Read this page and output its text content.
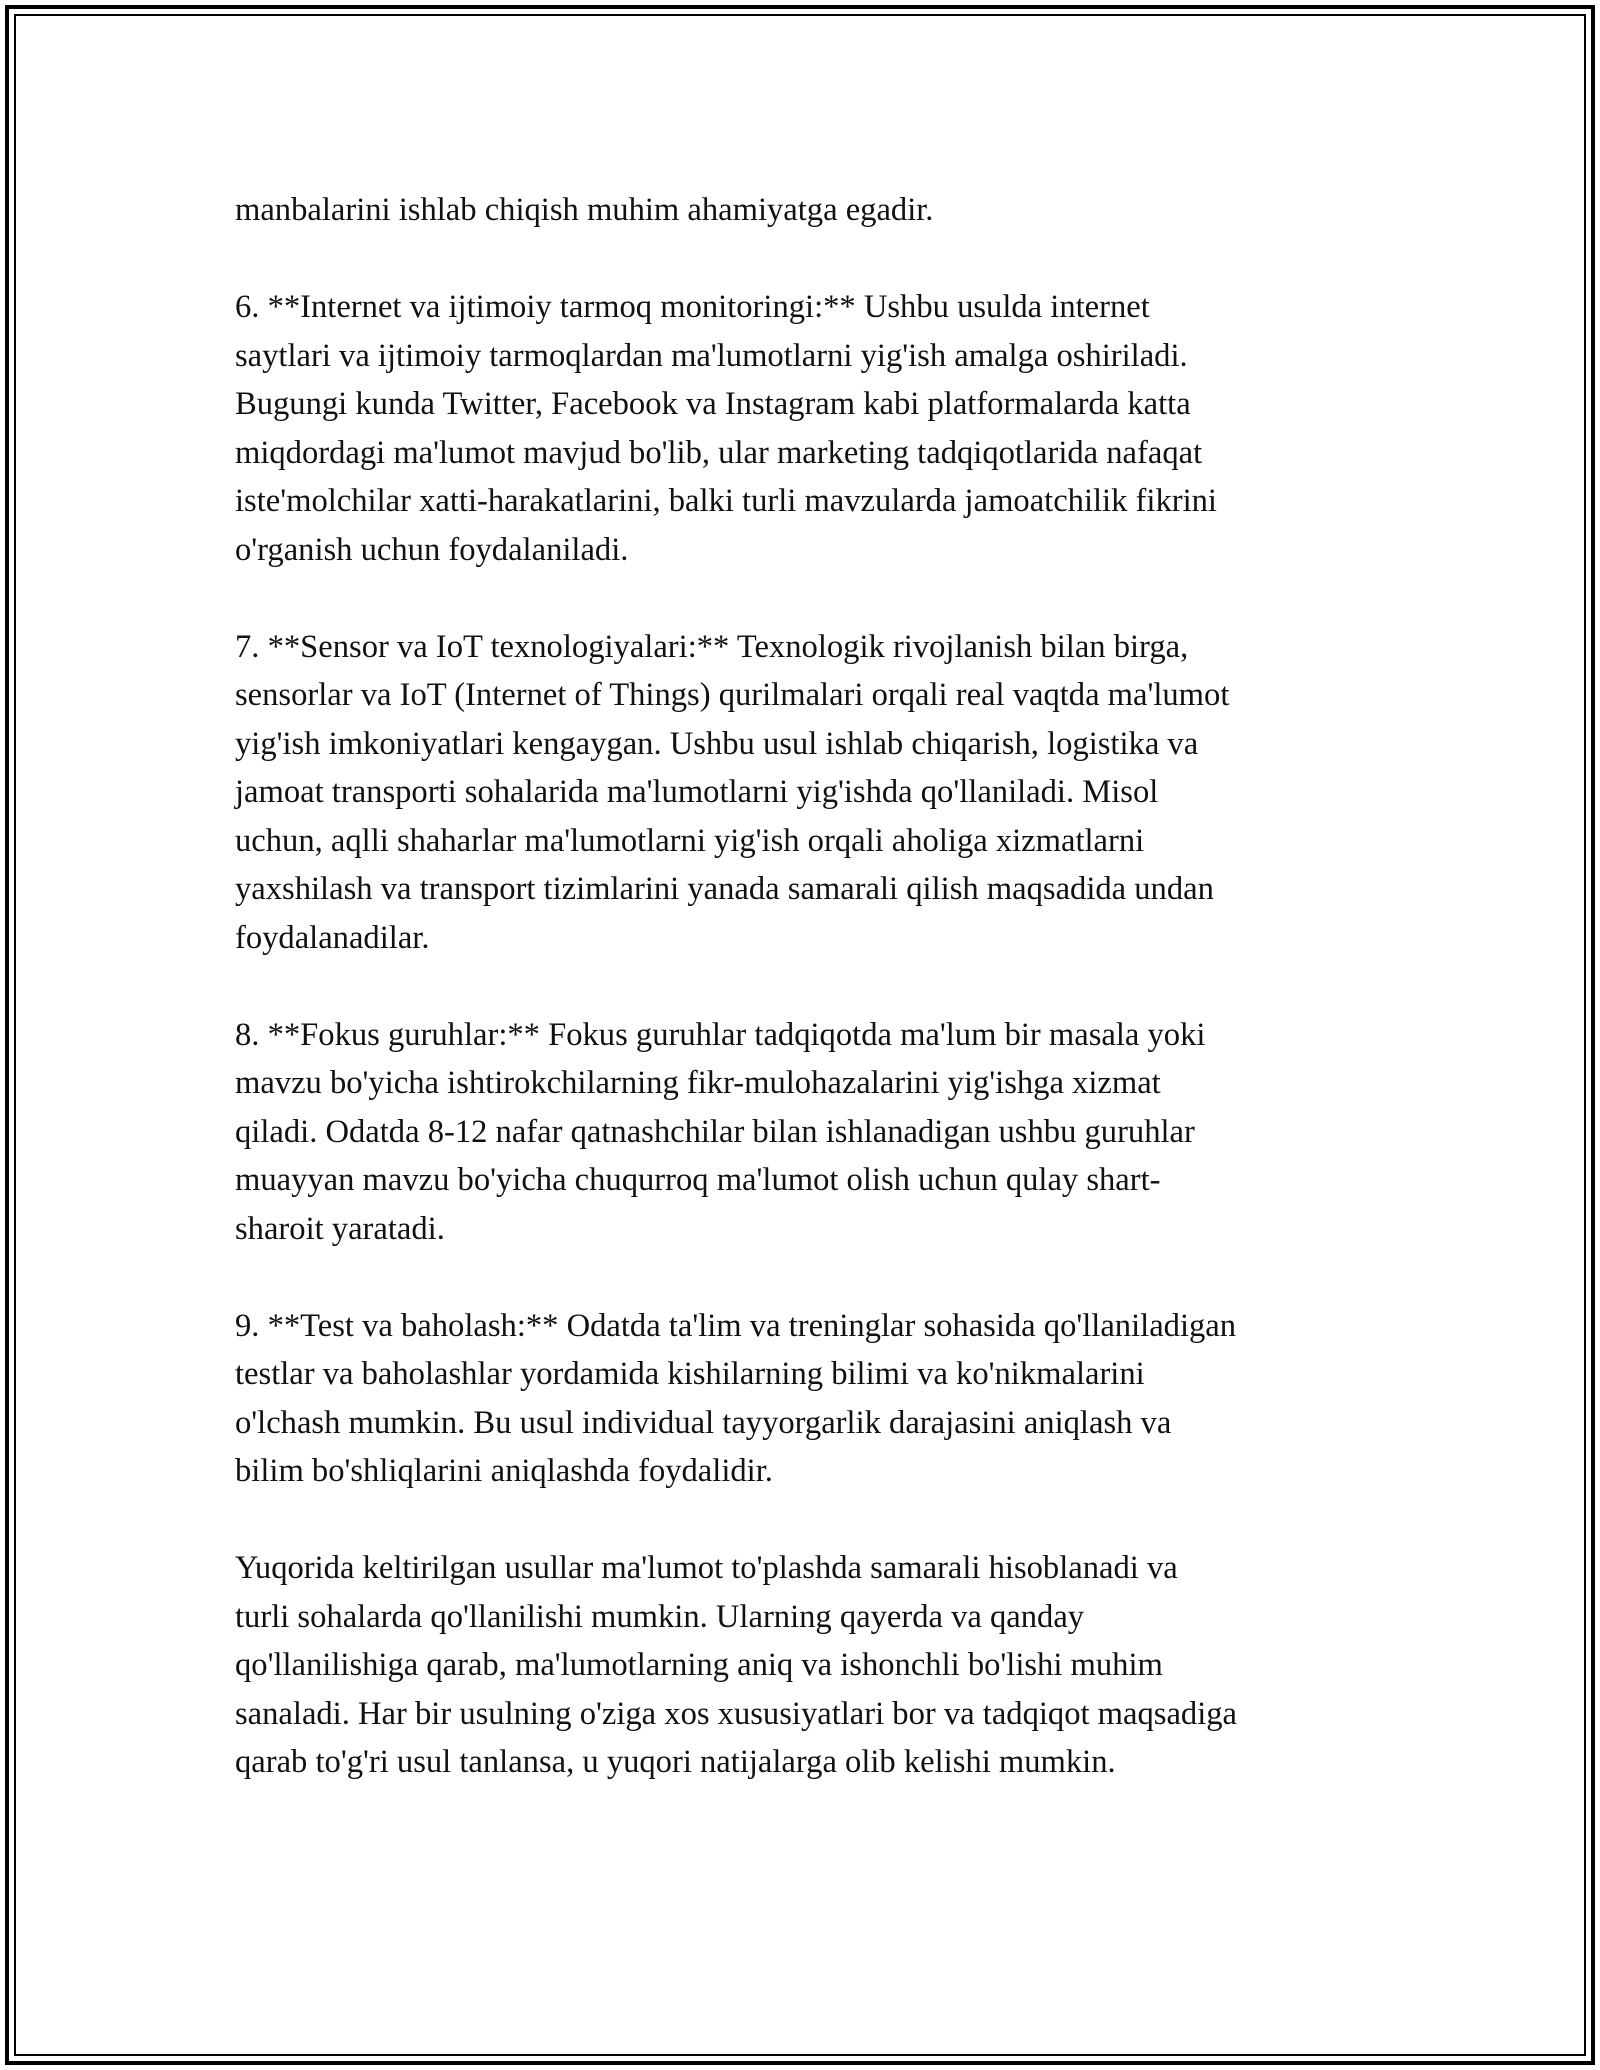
manbalarini ishlab chiqish muhim ahamiyatga egadir.

6. **Internet va ijtimoiy tarmoq monitoringi:** Ushbu usulda internet
saytlari va ijtimoiy tarmoqlardan ma'lumotlarni yig'ish amalga oshiriladi.
Bugungi kunda Twitter, Facebook va Instagram kabi platformalarda katta
miqdordagi ma'lumot mavjud bo'lib, ular marketing tadqiqotlarida nafaqat
iste'molchilar xatti-harakatlarini, balki turli mavzularda jamoatchilik fikrini
o'rganish uchun foydalaniladi.

7. **Sensor va IoT texnologiyalari:** Texnologik rivojlanish bilan birga,
sensorlar va IoT (Internet of Things) qurilmalari orqali real vaqtda ma'lumot
yig'ish imkoniyatlari kengaygan. Ushbu usul ishlab chiqarish, logistika va
jamoat transporti sohalarida ma'lumotlarni yig'ishda qo'llaniladi. Misol
uchun, aqlli shaharlar ma'lumotlarni yig'ish orqali aholiga xizmatlarni
yaxshilash va transport tizimlarini yanada samarali qilish maqsadida undan
foydalanadilar.

8. **Fokus guruhlar:** Fokus guruhlar tadqiqotda ma'lum bir masala yoki
mavzu bo'yicha ishtirokchilarning fikr-mulohazalarini yig'ishga xizmat
qiladi. Odatda 8-12 nafar qatnashchilar bilan ishlanadigan ushbu guruhlar
muayyan mavzu bo'yicha chuqurroq ma'lumot olish uchun qulay shart-
sharoit yaratadi.

9. **Test va baholash:** Odatda ta'lim va treninglar sohasida qo'llaniladigan
testlar va baholashlar yordamida kishilarning bilimi va ko'nikmalarini
o'lchash mumkin. Bu usul individual tayyorgarlik darajasini aniqlash va
bilim bo'shliqlarini aniqlashda foydalidir.

Yuqorida keltirilgan usullar ma'lumot to'plashda samarali hisoblanadi va
turli sohalarda qo'llanilishi mumkin. Ularning qayerda va qanday
qo'llanilishiga qarab, ma'lumotlarning aniq va ishonchli bo'lishi muhim
sanaladi. Har bir usulning o'ziga xos xususiyatlari bor va tadqiqot maqsadiga
qarab to'g'ri usul tanlansa, u yuqori natijalarga olib kelishi mumkin.
